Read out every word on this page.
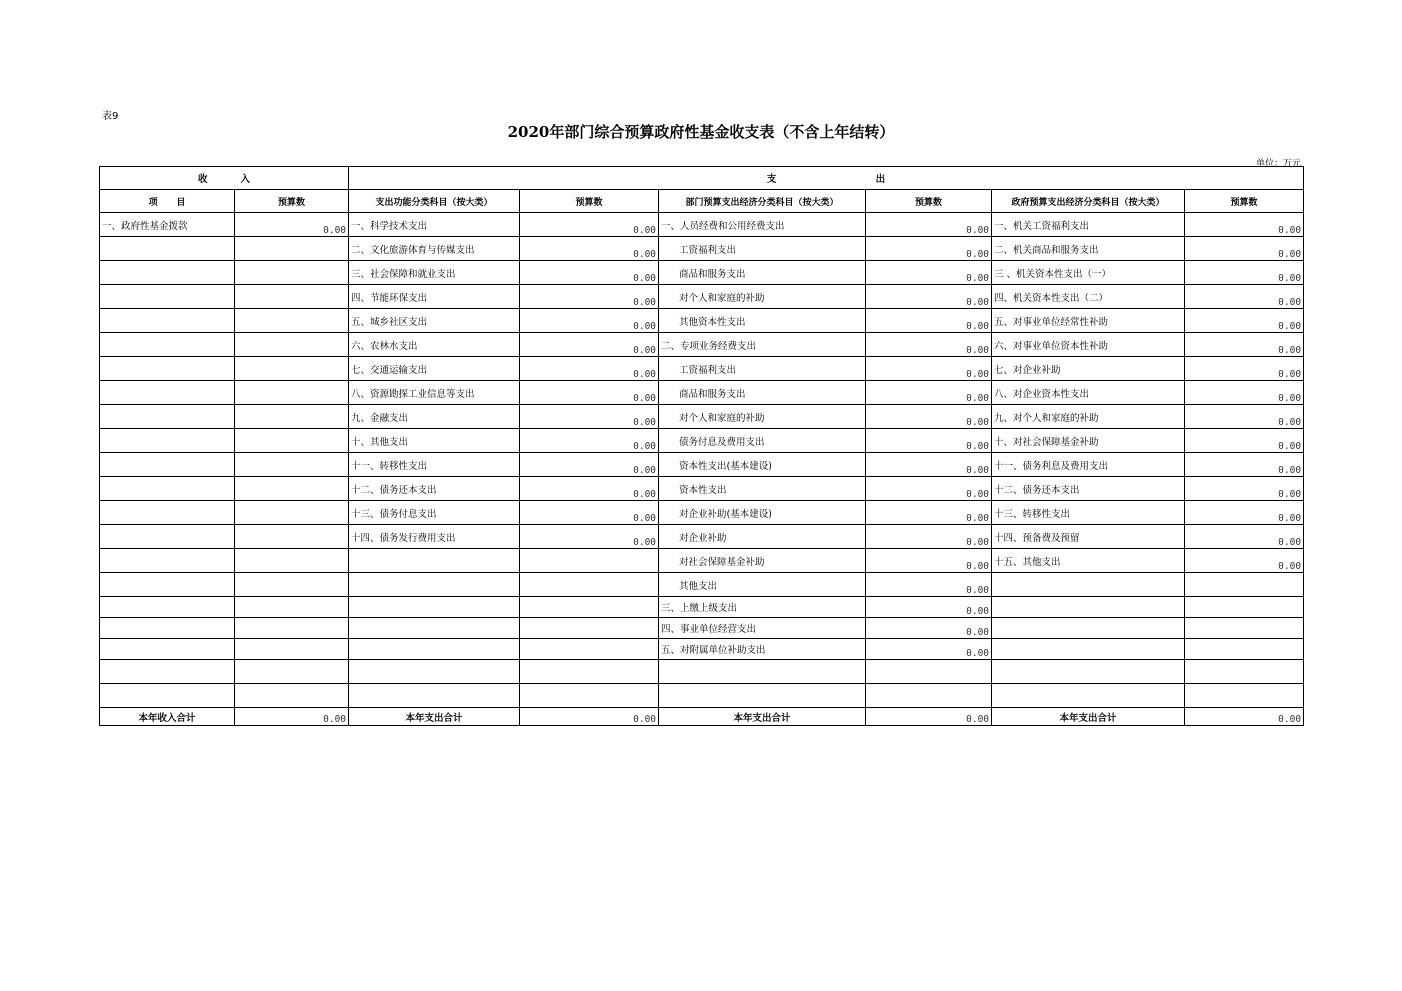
表9
2020年部门综合预算政府性基金收支表（不含上年结转）
单位：万元
收          入		支                              出					
项      目	预算数	支出功能分类科目（按大类）	预算数	部门预算支出经济分类科目（按大类）	预算数	政府预算支出经济分类科目（按大类）	预算数
一、政府性基金拨款	0.00	一、科学技术支出	0.00	一、人员经费和公用经费支出	0.00	一、机关工资福利支出	0.00
		二、文化旅游体育与传媒支出	0.00	工资福利支出	0.00	二、机关商品和服务支出	0.00
		三、社会保障和就业支出	0.00	商品和服务支出	0.00	三 、机关资本性支出（一）	0.00
		四、节能环保支出	0.00	对个人和家庭的补助	0.00	四、机关资本性支出（二）	0.00
		五、城乡社区支出	0.00	其他资本性支出	0.00	五、对事业单位经常性补助	0.00
		六、农林水支出	0.00	二、专项业务经费支出	0.00	六、对事业单位资本性补助	0.00
		七、交通运输支出	0.00	工资福利支出	0.00	七、对企业补助	0.00
		八、资源勘探工业信息等支出	0.00	商品和服务支出	0.00	八、对企业资本性支出	0.00
		九、金融支出	0.00	对个人和家庭的补助	0.00	九、对个人和家庭的补助	0.00
		十、其他支出	0.00	债务付息及费用支出	0.00	十、对社会保障基金补助	0.00
		十一、转移性支出	0.00	资本性支出(基本建设)	0.00	十一、债务利息及费用支出	0.00
		十二、债务还本支出	0.00	资本性支出	0.00	十二、债务还本支出	0.00
		十三、债务付息支出	0.00	对企业补助(基本建设)	0.00	十三、转移性支出	0.00
		十四、债务发行费用支出	0.00	对企业补助	0.00	十四、预备费及预留	0.00
				对社会保障基金补助	0.00	十五、其他支出	0.00
				其他支出	0.00		
				三、上缴上级支出	0.00		
				四、事业单位经营支出	0.00		
				五、对附属单位补助支出	0.00		

本年收入合计	0.00	本年支出合计	0.00	本年支出合计	0.00	本年支出合计	0.00
